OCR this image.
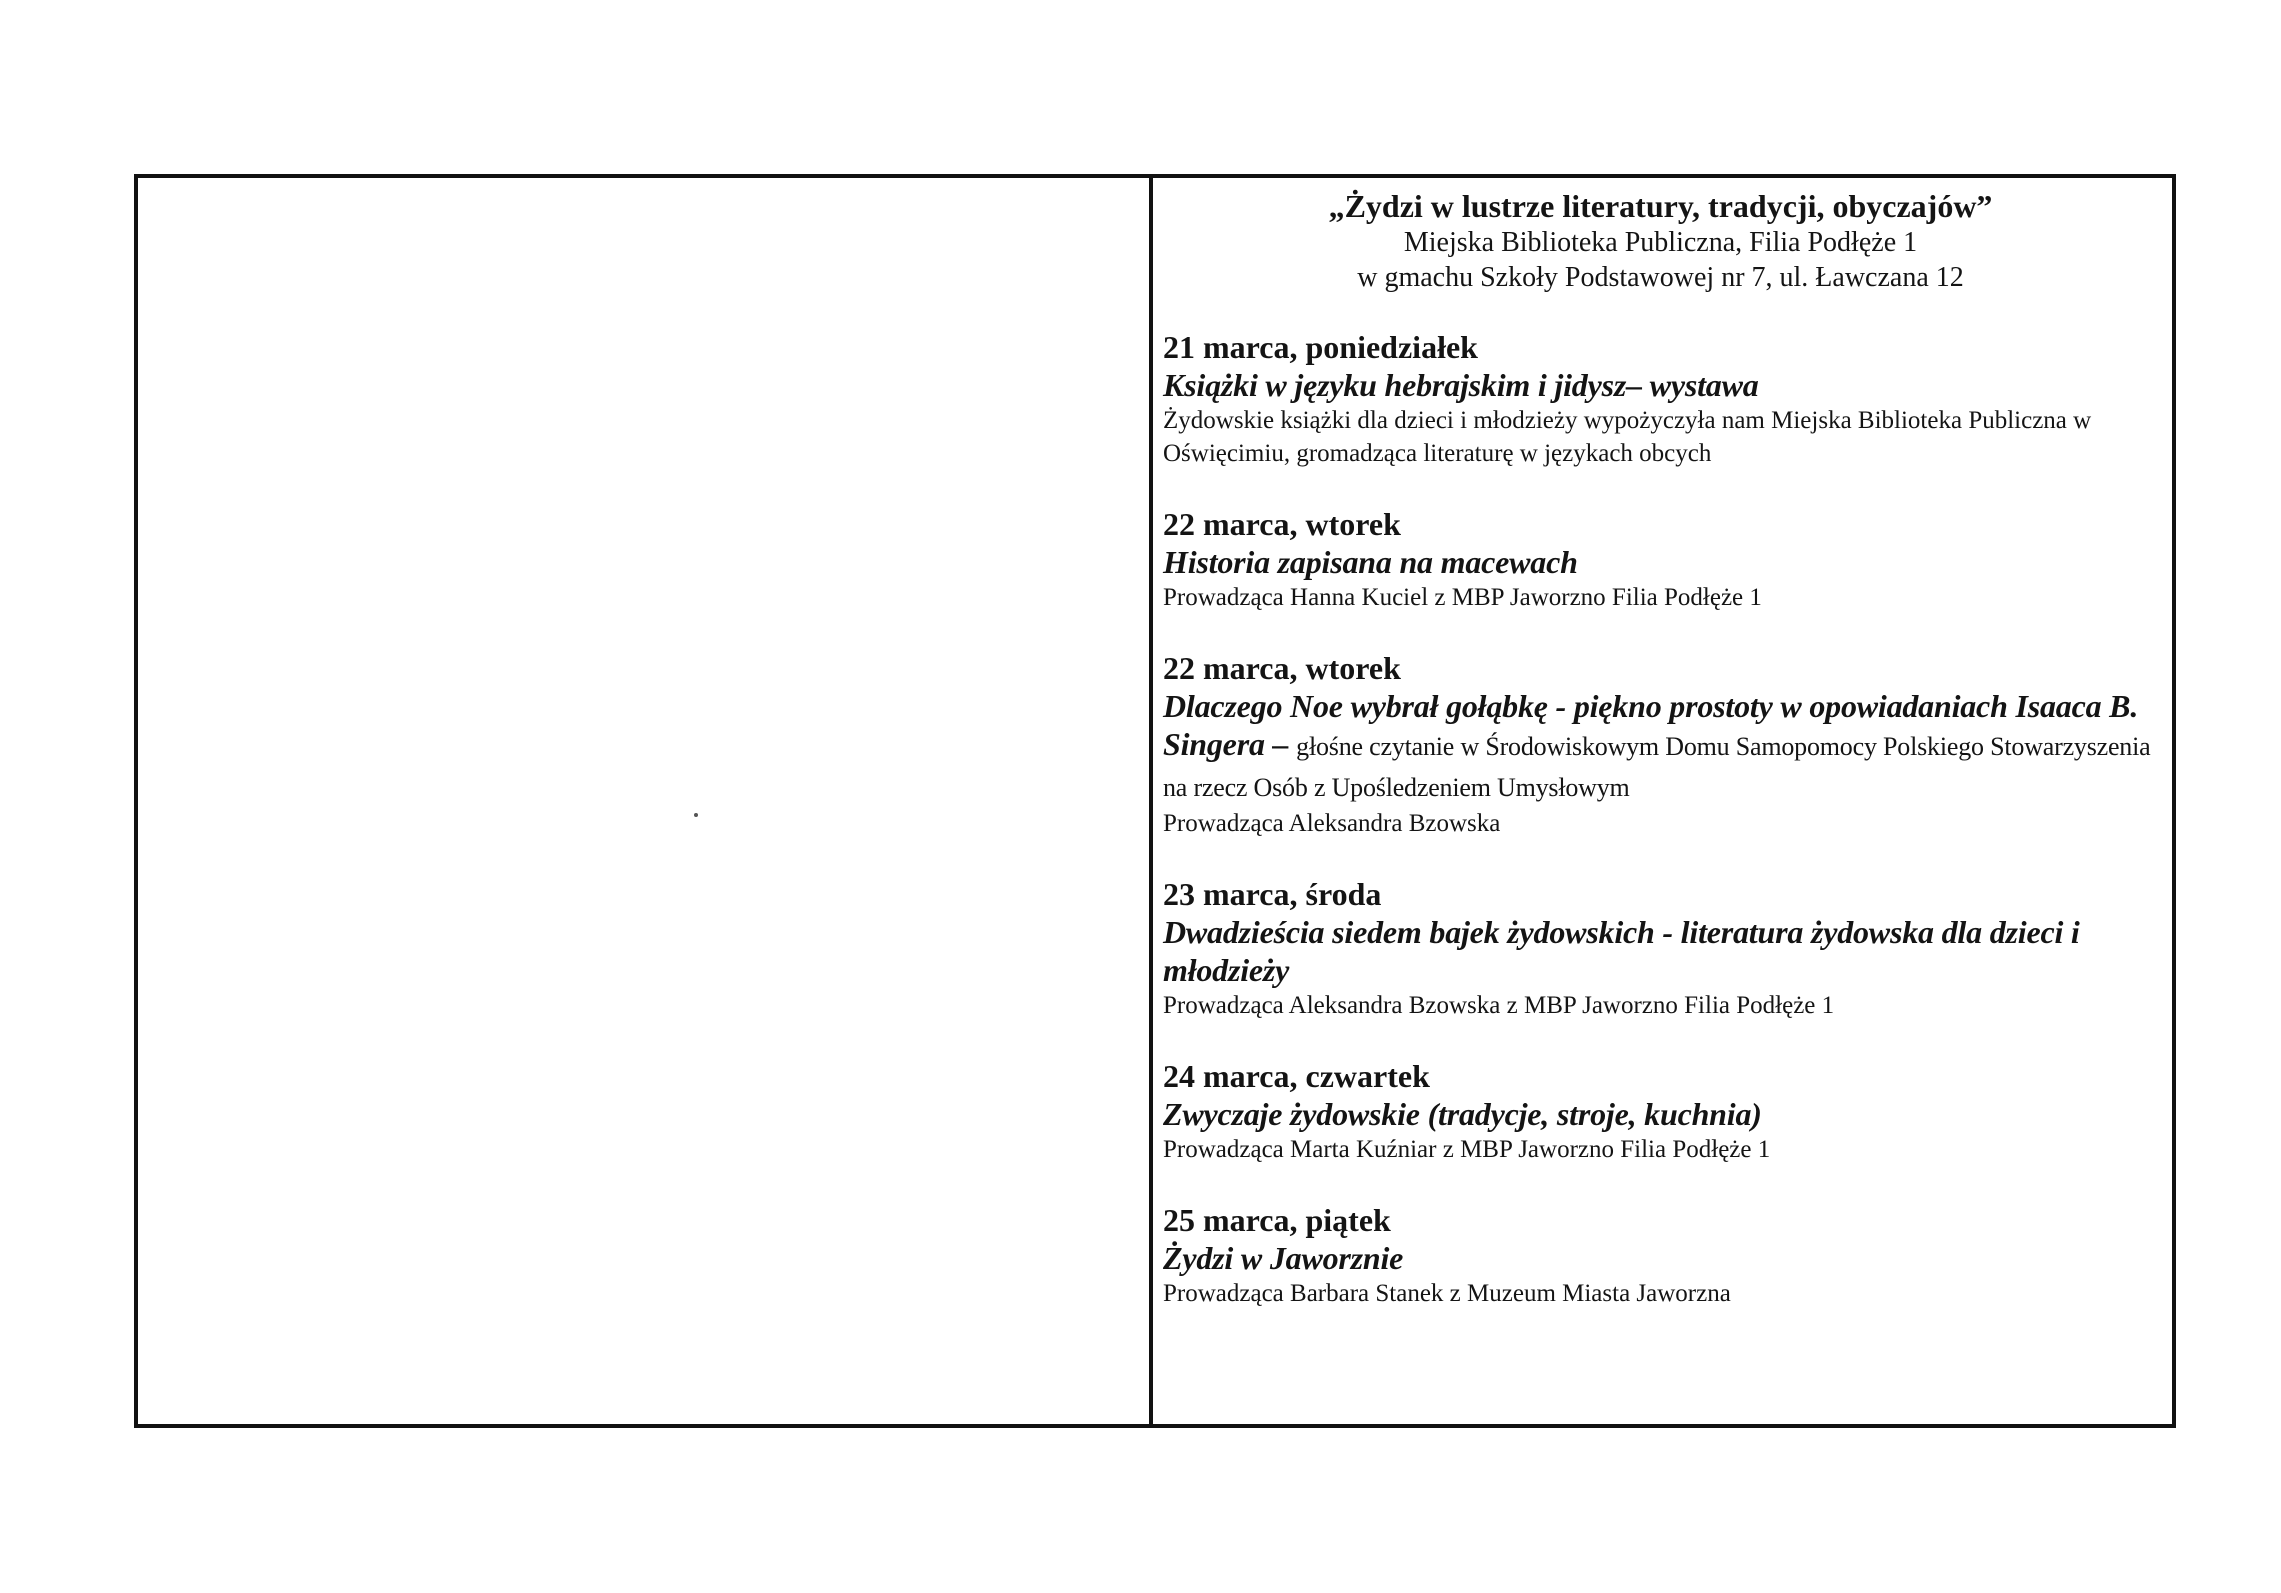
„Żydzi w lustrze literatury, tradycji, obyczajów”
Miejska Biblioteka Publiczna, Filia Podłęże 1
w gmachu Szkoły Podstawowej nr 7, ul. Ławczana 12
21 marca, poniedziałek
Książki w języku hebrajskim i jidysz– wystawa
Żydowskie książki dla dzieci i młodzieży wypożyczyła nam Miejska Biblioteka Publiczna w Oświęcimiu, gromadząca literaturę w językach obcych
22 marca, wtorek
Historia zapisana na macewach
Prowadząca Hanna Kuciel z MBP Jaworzno Filia Podłęże 1
22 marca, wtorek
Dlaczego Noe wybrał gołąbkę - piękno prostoty w opowiadaniach Isaaca B. Singera – głośne czytanie w Środowiskowym Domu Samopomocy Polskiego Stowarzyszenia na rzecz Osób z Upośledzeniem Umysłowym
Prowadząca Aleksandra Bzowska
23 marca, środa
Dwadzieścia siedem bajek żydowskich - literatura żydowska dla dzieci i młodzieży
Prowadząca Aleksandra Bzowska z MBP Jaworzno Filia Podłęże 1
24 marca, czwartek
Zwyczaje żydowskie (tradycje, stroje, kuchnia)
Prowadząca Marta Kuźniar z MBP Jaworzno Filia Podłęże 1
25 marca, piątek
Żydzi w Jaworznie
Prowadząca Barbara Stanek z Muzeum Miasta Jaworzna
